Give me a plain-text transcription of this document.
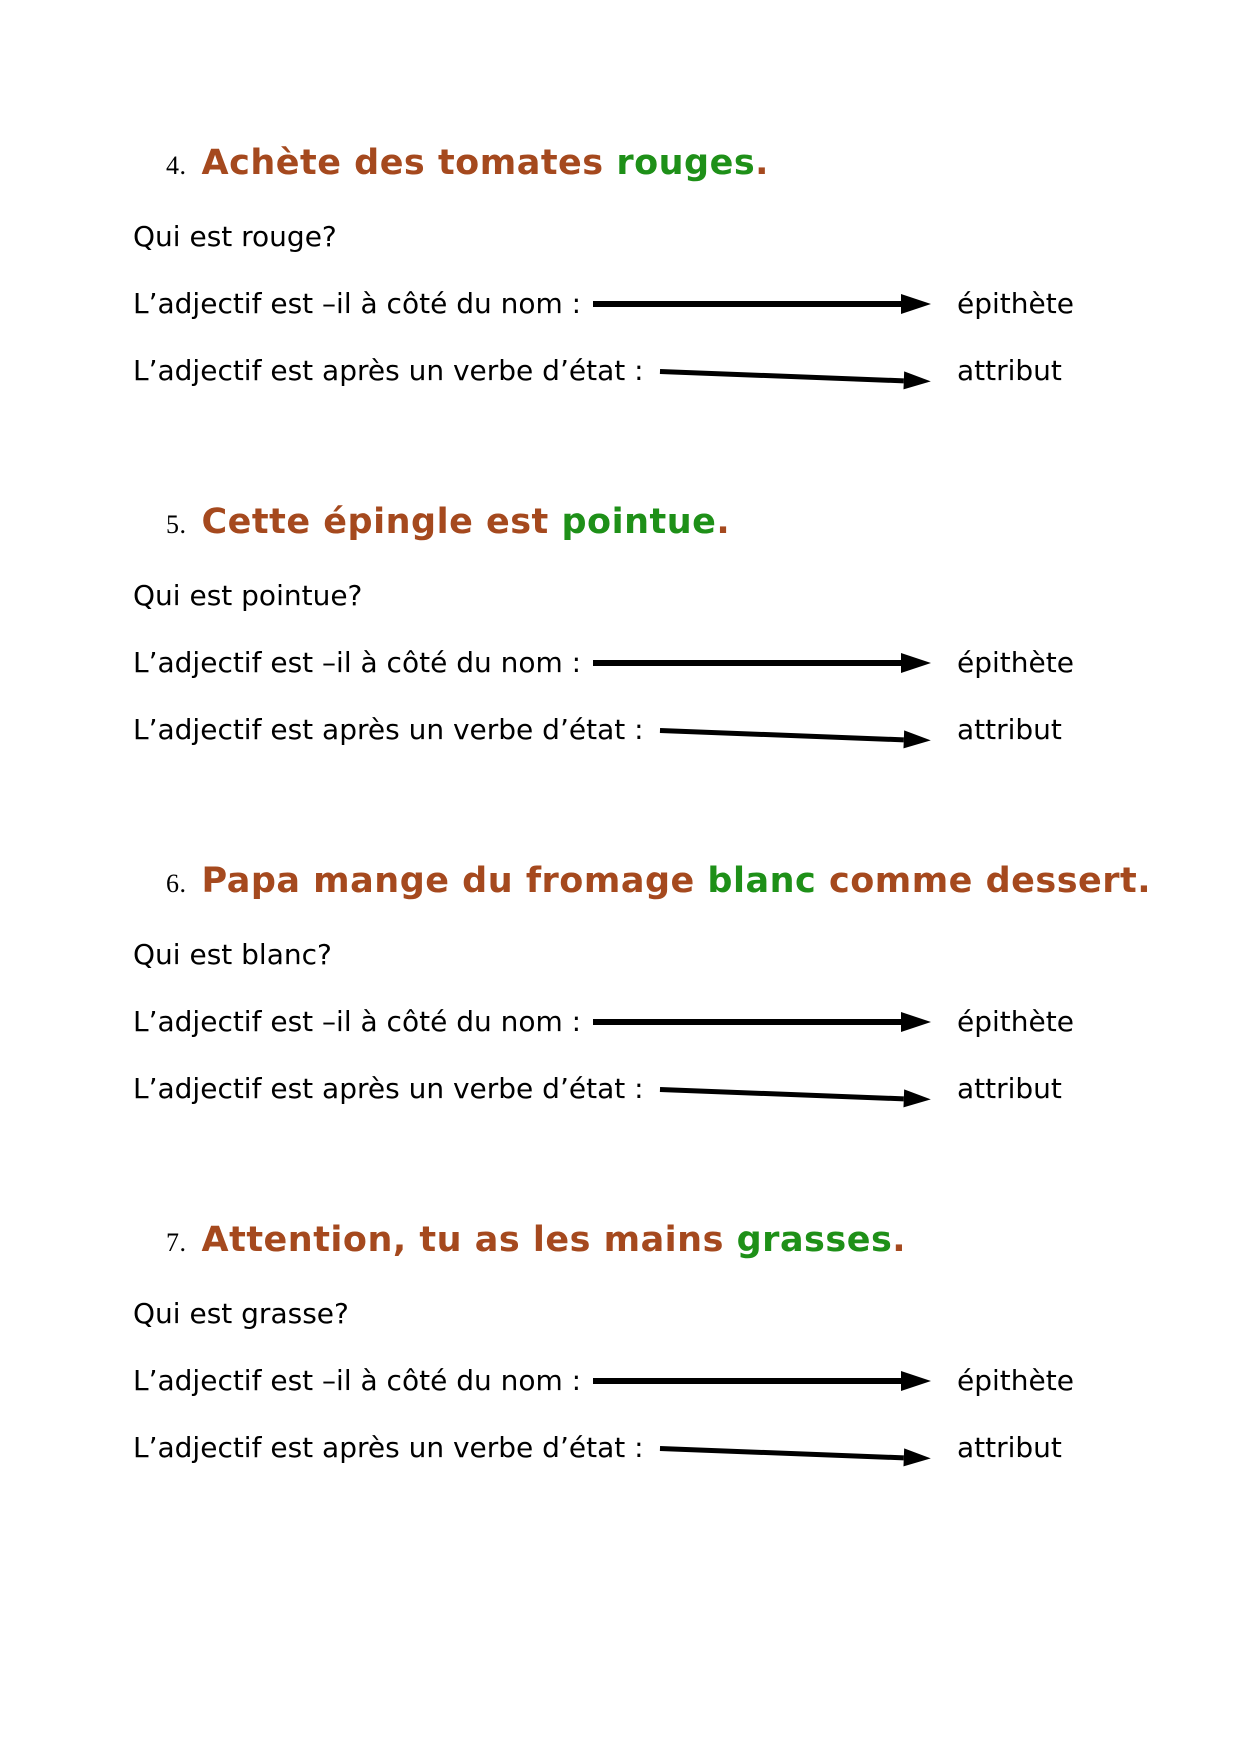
4. Achète des tomates rouges.
Qui est rouge?
L’adjectif est –il à côté du nom :	épithète
L’adjectif est après un verbe d’état :	attribut
5. Cette épingle est pointue.
Qui est pointue?
L’adjectif est –il à côté du nom :	épithète
L’adjectif est après un verbe d’état :	attribut
6. Papa mange du fromage blanc comme dessert.
Qui est blanc?
L’adjectif est –il à côté du nom :	épithète
L’adjectif est après un verbe d’état :	attribut
7. Attention, tu as les mains grasses.
Qui est grasse?
L’adjectif est –il à côté du nom :	épithète
L’adjectif est après un verbe d’état :	attribut
